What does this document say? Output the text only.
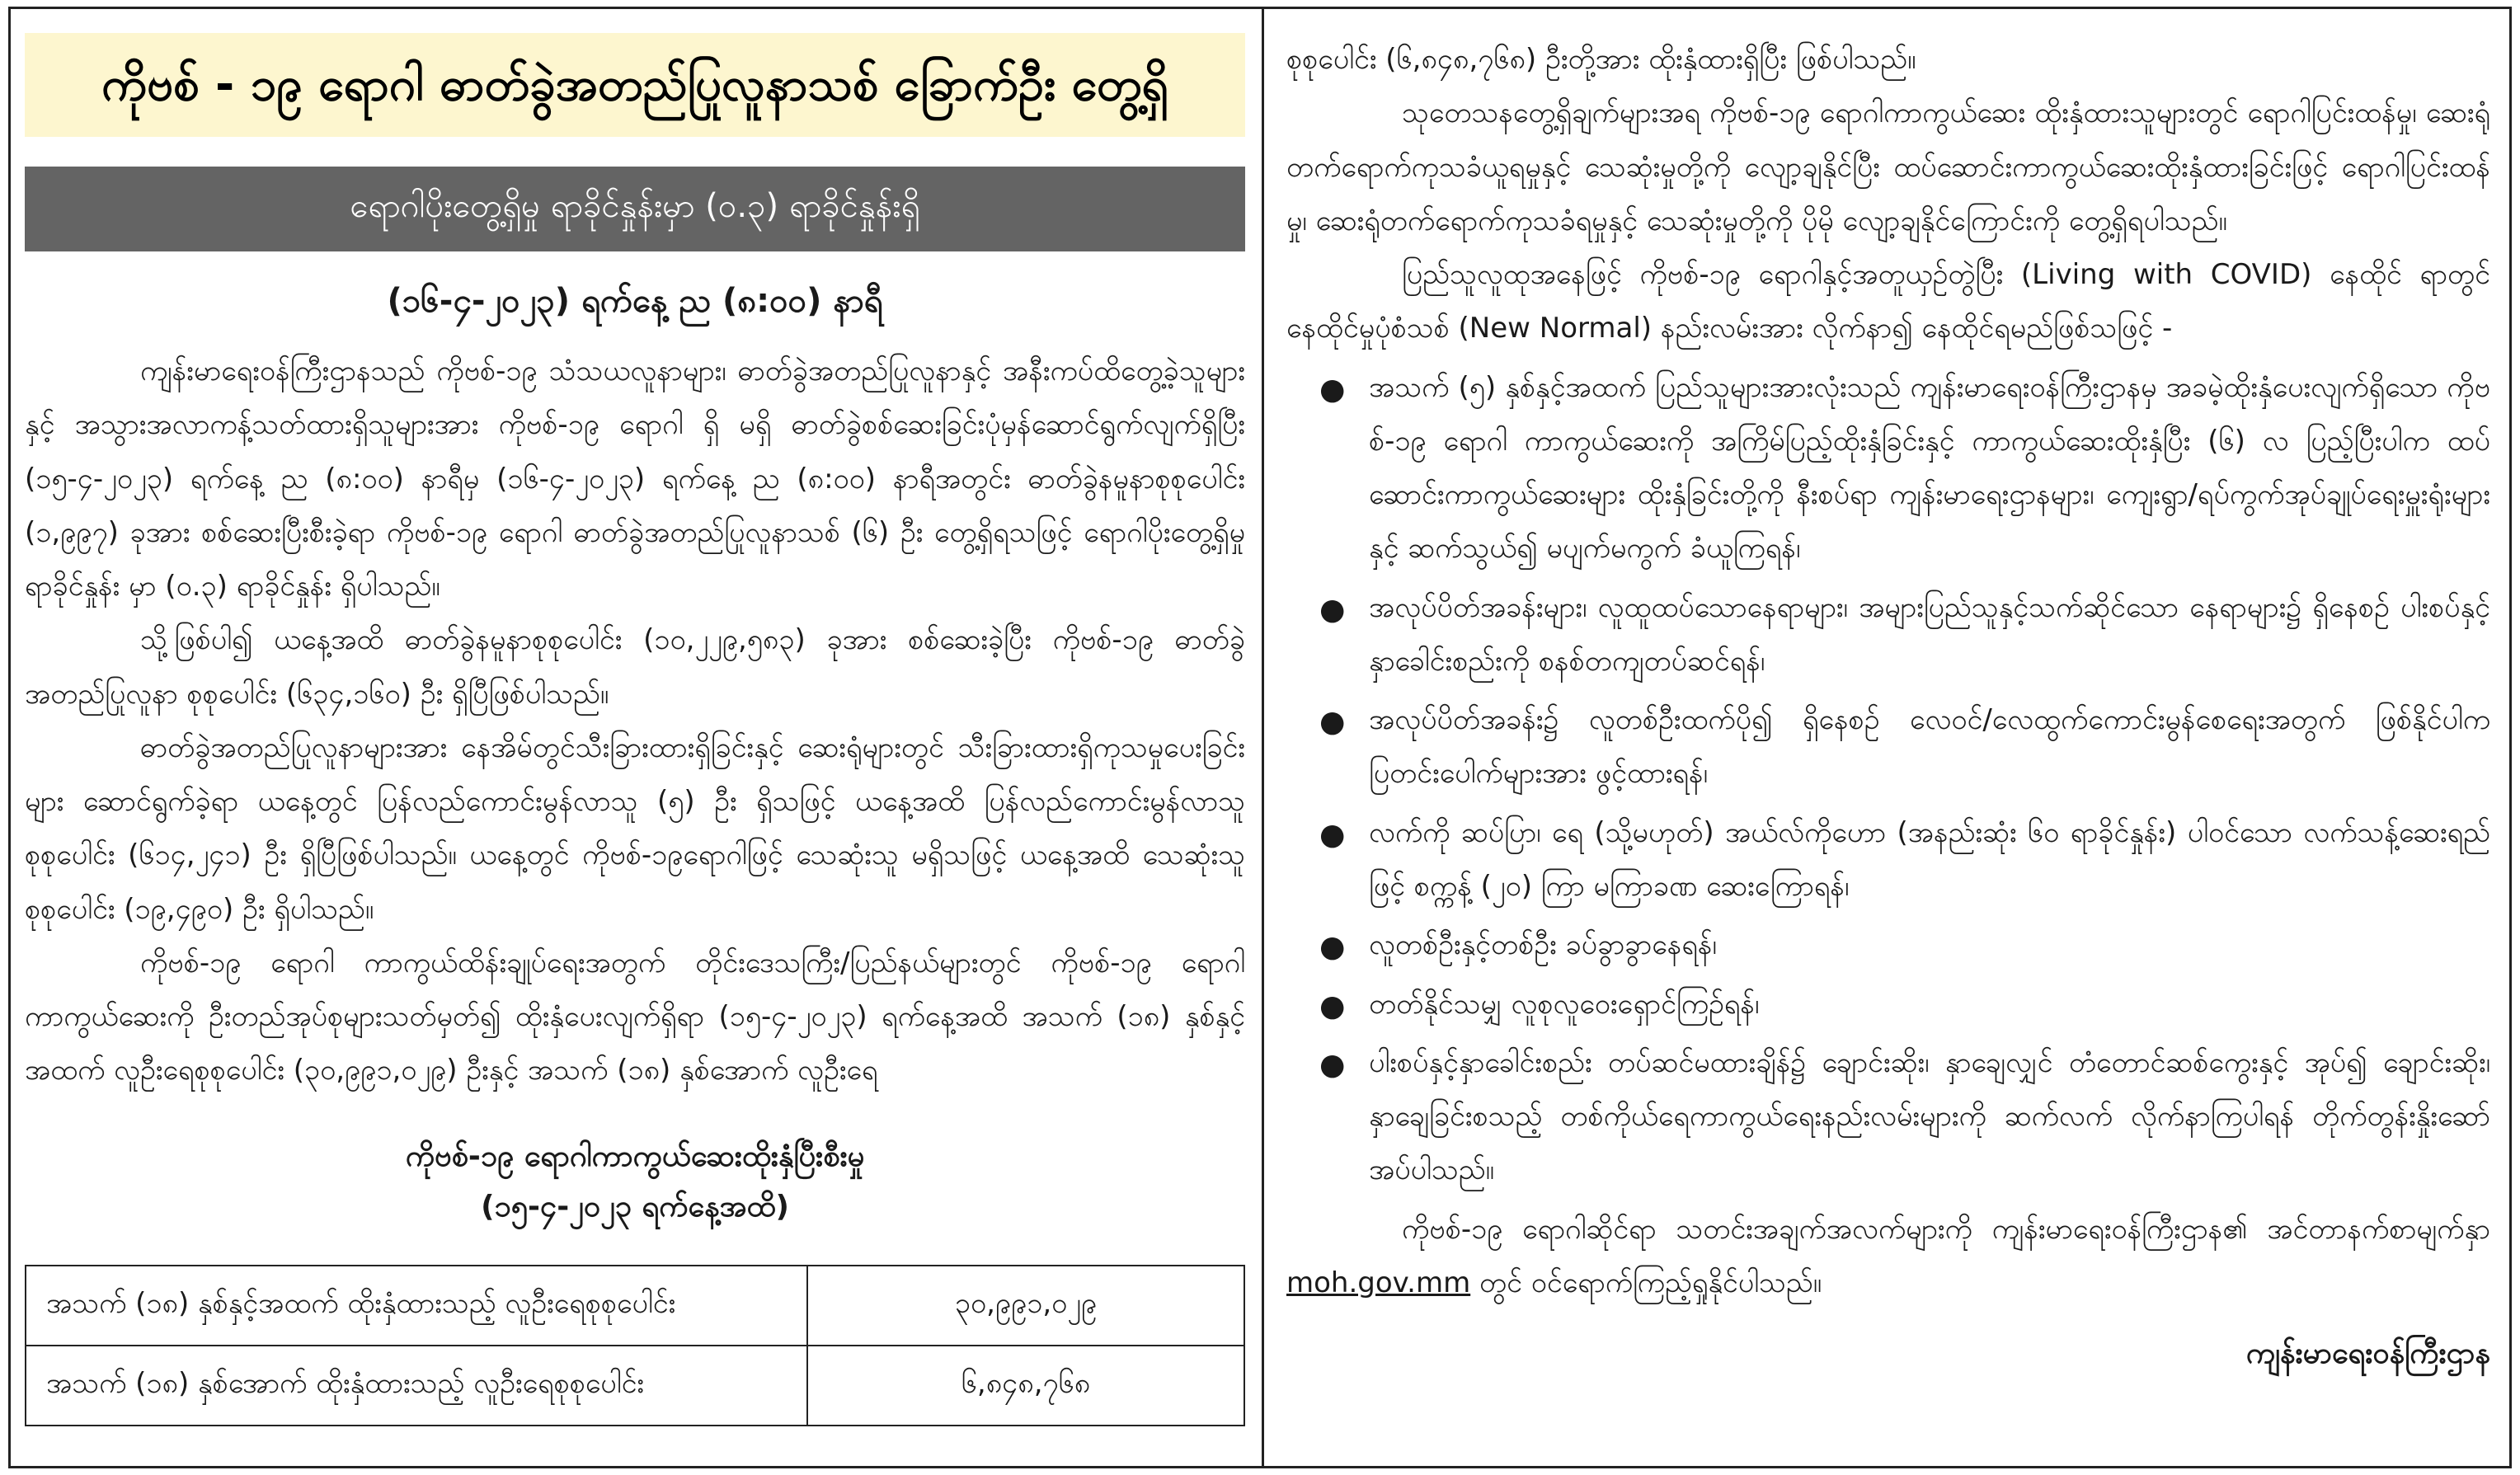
ကိုဗစ် - ၁၉ ရောဂါ ဓာတ်ခွဲအတည်ပြုလူနာသစ် ခြောက်ဦး တွေ့ရှိ
ရောဂါပိုးတွေ့ရှိမှု ရာခိုင်နှုန်းမှာ (၀.၃) ရာခိုင်နှုန်းရှိ
(၁၆-၄-၂၀၂၃) ရက်နေ့ ည (၈:၀၀) နာရီ

ကျန်းမာရေးဝန်ကြီးဌာနသည် ကိုဗစ်-၁၉ သံသယလူနာများ၊ ဓာတ်ခွဲအတည်ပြုလူနာနှင့် အနီးကပ်ထိတွေ့ခဲ့သူများနှင့် အသွားအလာကန့်သတ်ထားရှိသူများအား ကိုဗစ်-၁၉ ရောဂါ ရှိ မရှိ ဓာတ်ခွဲစစ်ဆေးခြင်းပုံမှန်ဆောင်ရွက်လျက်ရှိပြီး (၁၅-၄-၂၀၂၃) ရက်နေ့ ည (၈:၀၀) နာရီမှ (၁၆-၄-၂၀၂၃) ရက်နေ့ ည (၈:၀၀) နာရီအတွင်း ဓာတ်ခွဲနမူနာစုစုပေါင်း (၁,၉၉၇) ခုအား စစ်ဆေးပြီးစီးခဲ့ရာ ကိုဗစ်-၁၉ ရောဂါ ဓာတ်ခွဲအတည်ပြုလူနာသစ် (၆) ဦး တွေ့ရှိရသဖြင့် ရောဂါပိုးတွေ့ရှိမှု ရာခိုင်နှုန်း မှာ (၀.၃) ရာခိုင်နှုန်း ရှိပါသည်။

သို့ဖြစ်ပါ၍ ယနေ့အထိ ဓာတ်ခွဲနမူနာစုစုပေါင်း (၁၀,၂၂၉,၅၈၃) ခုအား စစ်ဆေးခဲ့ပြီး ကိုဗစ်-၁၉ ဓာတ်ခွဲအတည်ပြုလူနာ စုစုပေါင်း (၆၃၄,၁၆၀) ဦး ရှိပြီဖြစ်ပါသည်။

ဓာတ်ခွဲအတည်ပြုလူနာများအား နေအိမ်တွင်သီးခြားထားရှိခြင်းနှင့် ဆေးရုံများတွင် သီးခြားထားရှိကုသမှုပေးခြင်းများ ဆောင်ရွက်ခဲ့ရာ ယနေ့တွင် ပြန်လည်ကောင်းမွန်လာသူ (၅) ဦး ရှိသဖြင့် ယနေ့အထိ ပြန်လည်ကောင်းမွန်လာသူ စုစုပေါင်း (၆၁၄,၂၄၁) ဦး ရှိပြီဖြစ်ပါသည်။ ယနေ့တွင် ကိုဗစ်-၁၉ရောဂါဖြင့် သေဆုံးသူ မရှိသဖြင့် ယနေ့အထိ သေဆုံးသူစုစုပေါင်း (၁၉,၄၉၀) ဦး ရှိပါသည်။

ကိုဗစ်-၁၉ ရောဂါ ကာကွယ်ထိန်းချုပ်ရေးအတွက် တိုင်းဒေသကြီး/ပြည်နယ်များတွင် ကိုဗစ်-၁၉ ရောဂါကာကွယ်ဆေးကို ဦးတည်အုပ်စုများသတ်မှတ်၍ ထိုးနှံပေးလျက်ရှိရာ (၁၅-၄-၂၀၂၃) ရက်နေ့အထိ အသက် (၁၈) နှစ်နှင့်အထက် လူဦးရေစုစုပေါင်း (၃၀,၉၉၁,၀၂၉) ဦးနှင့် အသက် (၁၈) နှစ်အောက် လူဦးရေ

ကိုဗစ်-၁၉ ရောဂါကာကွယ်ဆေးထိုးနှံပြီးစီးမှု
(၁၅-၄-၂၀၂၃ ရက်နေ့အထိ)
အသက် (၁၈) နှစ်နှင့်အထက် ထိုးနှံထားသည့် လူဦးရေစုစုပေါင်း	၃၀,၉၉၁,၀၂၉
အသက် (၁၈) နှစ်အောက် ထိုးနှံထားသည့် လူဦးရေစုစုပေါင်း	၆,၈၄၈,၇၆၈

စုစုပေါင်း (၆,၈၄၈,၇၆၈) ဦးတို့အား ထိုးနှံထားရှိပြီး ဖြစ်ပါသည်။

သုတေသနတွေ့ရှိချက်များအရ ကိုဗစ်-၁၉ ရောဂါကာကွယ်ဆေး ထိုးနှံထားသူများတွင် ရောဂါပြင်းထန်မှု၊ ဆေးရုံတက်ရောက်ကုသခံယူရမှုနှင့် သေဆုံးမှုတို့ကို လျော့ချနိုင်ပြီး ထပ်ဆောင်းကာကွယ်ဆေးထိုးနှံထားခြင်းဖြင့် ရောဂါပြင်းထန်မှု၊ ဆေးရုံတက်ရောက်ကုသခံရမှုနှင့် သေဆုံးမှုတို့ကို ပိုမို လျော့ချနိုင်ကြောင်းကို တွေ့ရှိရပါသည်။

ပြည်သူလူထုအနေဖြင့် ကိုဗစ်-၁၉ ရောဂါနှင့်အတူယှဉ်တွဲပြီး (Living with COVID) နေထိုင် ရာတွင် နေထိုင်မှုပုံစံသစ် (New Normal) နည်းလမ်းအား လိုက်နာ၍ နေထိုင်ရမည်ဖြစ်သဖြင့် -

● အသက် (၅) နှစ်နှင့်အထက် ပြည်သူများအားလုံးသည် ကျန်းမာရေးဝန်ကြီးဌာနမှ အခမဲ့ထိုးနှံပေးလျက်ရှိသော ကိုဗစ်-၁၉ ရောဂါ ကာကွယ်ဆေးကို အကြိမ်ပြည့်ထိုးနှံခြင်းနှင့် ကာကွယ်ဆေးထိုးနှံပြီး (၆) လ ပြည့်ပြီးပါက ထပ်ဆောင်းကာကွယ်ဆေးများ ထိုးနှံခြင်းတို့ကို နီးစပ်ရာ ကျန်းမာရေးဌာနများ၊ ကျေးရွာ/ရပ်ကွက်အုပ်ချုပ်ရေးမှူးရုံးများနှင့် ဆက်သွယ်၍ မပျက်မကွက် ခံယူကြရန်၊
● အလုပ်ပိတ်အခန်းများ၊ လူထူထပ်သောနေရာများ၊ အများပြည်သူနှင့်သက်ဆိုင်သော နေရာများ၌ ရှိနေစဉ် ပါးစပ်နှင့်နှာခေါင်းစည်းကို စနစ်တကျတပ်ဆင်ရန်၊
● အလုပ်ပိတ်အခန်း၌ လူတစ်ဦးထက်ပို၍ ရှိနေစဉ် လေဝင်/လေထွက်ကောင်းမွန်စေရေးအတွက် ဖြစ်နိုင်ပါက ပြတင်းပေါက်များအား ဖွင့်ထားရန်၊
● လက်ကို ဆပ်ပြာ၊ ရေ (သို့မဟုတ်) အယ်လ်ကိုဟော (အနည်းဆုံး ၆၀ ရာခိုင်နှုန်း) ပါဝင်သော လက်သန့်ဆေးရည်ဖြင့် စက္ကန့် (၂၀) ကြာ မကြာခဏ ဆေးကြောရန်၊
● လူတစ်ဦးနှင့်တစ်ဦး ခပ်ခွာခွာနေရန်၊
● တတ်နိုင်သမျှ လူစုလူဝေးရှောင်ကြဉ်ရန်၊
● ပါးစပ်နှင့်နှာခေါင်းစည်း တပ်ဆင်မထားချိန်၌ ချောင်းဆိုး၊ နှာချေလျှင် တံတောင်ဆစ်ကွေးနှင့် အုပ်၍ ချောင်းဆိုး၊ နှာချေခြင်းစသည့် တစ်ကိုယ်ရေကာကွယ်ရေးနည်းလမ်းများကို ဆက်လက် လိုက်နာကြပါရန် တိုက်တွန်းနှိုးဆော်အပ်ပါသည်။

ကိုဗစ်-၁၉ ရောဂါဆိုင်ရာ သတင်းအချက်အလက်များကို ကျန်းမာရေးဝန်ကြီးဌာန၏ အင်တာနက်စာမျက်နှာ moh.gov.mm တွင် ဝင်ရောက်ကြည့်ရှုနိုင်ပါသည်။

ကျန်းမာရေးဝန်ကြီးဌာန
